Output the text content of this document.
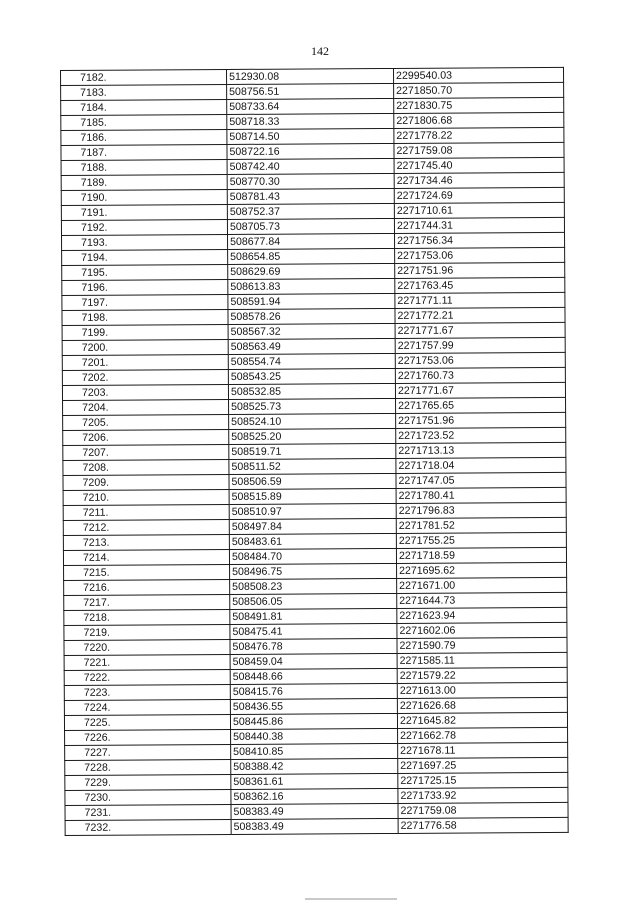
142
7182.	512930.08	2299540.03
7183.	508756.51	2271850.70
7184.	508733.64	2271830.75
7185.	508718.33	2271806.68
7186.	508714.50	2271778.22
7187.	508722.16	2271759.08
7188.	508742.40	2271745.40
7189.	508770.30	2271734.46
7190.	508781.43	2271724.69
7191.	508752.37	2271710.61
7192.	508705.73	2271744.31
7193.	508677.84	2271756.34
7194.	508654.85	2271753.06
7195.	508629.69	2271751.96
7196.	508613.83	2271763.45
7197.	508591.94	2271771.11
7198.	508578.26	2271772.21
7199.	508567.32	2271771.67
7200.	508563.49	2271757.99
7201.	508554.74	2271753.06
7202.	508543.25	2271760.73
7203.	508532.85	2271771.67
7204.	508525.73	2271765.65
7205.	508524.10	2271751.96
7206.	508525.20	2271723.52
7207.	508519.71	2271713.13
7208.	508511.52	2271718.04
7209.	508506.59	2271747.05
7210.	508515.89	2271780.41
7211.	508510.97	2271796.83
7212.	508497.84	2271781.52
7213.	508483.61	2271755.25
7214.	508484.70	2271718.59
7215.	508496.75	2271695.62
7216.	508508.23	2271671.00
7217.	508506.05	2271644.73
7218.	508491.81	2271623.94
7219.	508475.41	2271602.06
7220.	508476.78	2271590.79
7221.	508459.04	2271585.11
7222.	508448.66	2271579.22
7223.	508415.76	2271613.00
7224.	508436.55	2271626.68
7225.	508445.86	2271645.82
7226.	508440.38	2271662.78
7227.	508410.85	2271678.11
7228.	508388.42	2271697.25
7229.	508361.61	2271725.15
7230.	508362.16	2271733.92
7231.	508383.49	2271759.08
7232.	508383.49	2271776.58
